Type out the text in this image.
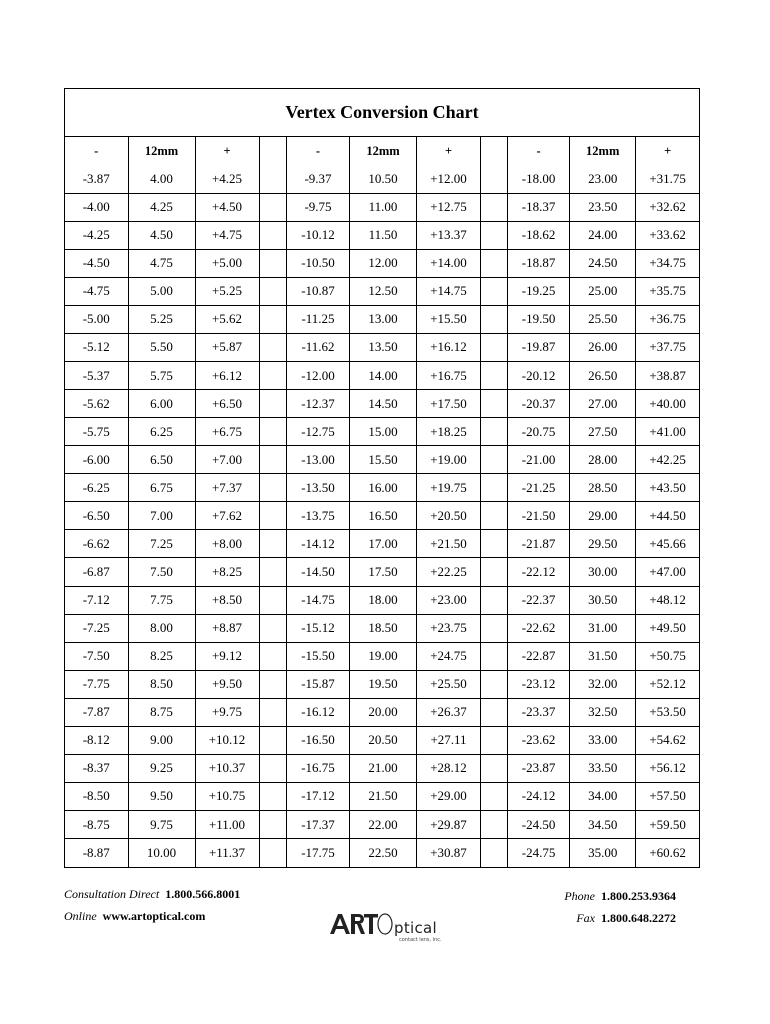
Vertex Conversion Chart
-	12mm	+	
-3.87	4.00	+4.25	
-4.00	4.25	+4.50	
-4.25	4.50	+4.75	
-4.50	4.75	+5.00	
-4.75	5.00	+5.25	
-5.00	5.25	+5.62	
-5.12	5.50	+5.87	
-5.37	5.75	+6.12	
-5.62	6.00	+6.50	
-5.75	6.25	+6.75	
-6.00	6.50	+7.00	
-6.25	6.75	+7.37	
-6.50	7.00	+7.62	
-6.62	7.25	+8.00	
-6.87	7.50	+8.25	
-7.12	7.75	+8.50	
-7.25	8.00	+8.87	
-7.50	8.25	+9.12	
-7.75	8.50	+9.50	
-7.87	8.75	+9.75	
-8.12	9.00	+10.12	
-8.37	9.25	+10.37	
-8.50	9.50	+10.75	
-8.75	9.75	+11.00	
-8.87	10.00	+11.37	
-	12mm	+	
-9.37	10.50	+12.00	
-9.75	11.00	+12.75	
-10.12	11.50	+13.37	
-10.50	12.00	+14.00	
-10.87	12.50	+14.75	
-11.25	13.00	+15.50	
-11.62	13.50	+16.12	
-12.00	14.00	+16.75	
-12.37	14.50	+17.50	
-12.75	15.00	+18.25	
-13.00	15.50	+19.00	
-13.50	16.00	+19.75	
-13.75	16.50	+20.50	
-14.12	17.00	+21.50	
-14.50	17.50	+22.25	
-14.75	18.00	+23.00	
-15.12	18.50	+23.75	
-15.50	19.00	+24.75	
-15.87	19.50	+25.50	
-16.12	20.00	+26.37	
-16.50	20.50	+27.11	
-16.75	21.00	+28.12	
-17.12	21.50	+29.00	
-17.37	22.00	+29.87	
-17.75	22.50	+30.87	
-	12mm	+
-18.00	23.00	+31.75
-18.37	23.50	+32.62
-18.62	24.00	+33.62
-18.87	24.50	+34.75
-19.25	25.00	+35.75
-19.50	25.50	+36.75
-19.87	26.00	+37.75
-20.12	26.50	+38.87
-20.37	27.00	+40.00
-20.75	27.50	+41.00
-21.00	28.00	+42.25
-21.25	28.50	+43.50
-21.50	29.00	+44.50
-21.87	29.50	+45.66
-22.12	30.00	+47.00
-22.37	30.50	+48.12
-22.62	31.00	+49.50
-22.87	31.50	+50.75
-23.12	32.00	+52.12
-23.37	32.50	+53.50
-23.62	33.00	+54.62
-23.87	33.50	+56.12
-24.12	34.00	+57.50
-24.50	34.50	+59.50
-24.75	35.00	+60.62
Consultation Direct 1.800.566.8001
Online www.artoptical.com
Phone 1.800.253.9364
Fax 1.800.648.2272
ptical
contact lens, inc.
